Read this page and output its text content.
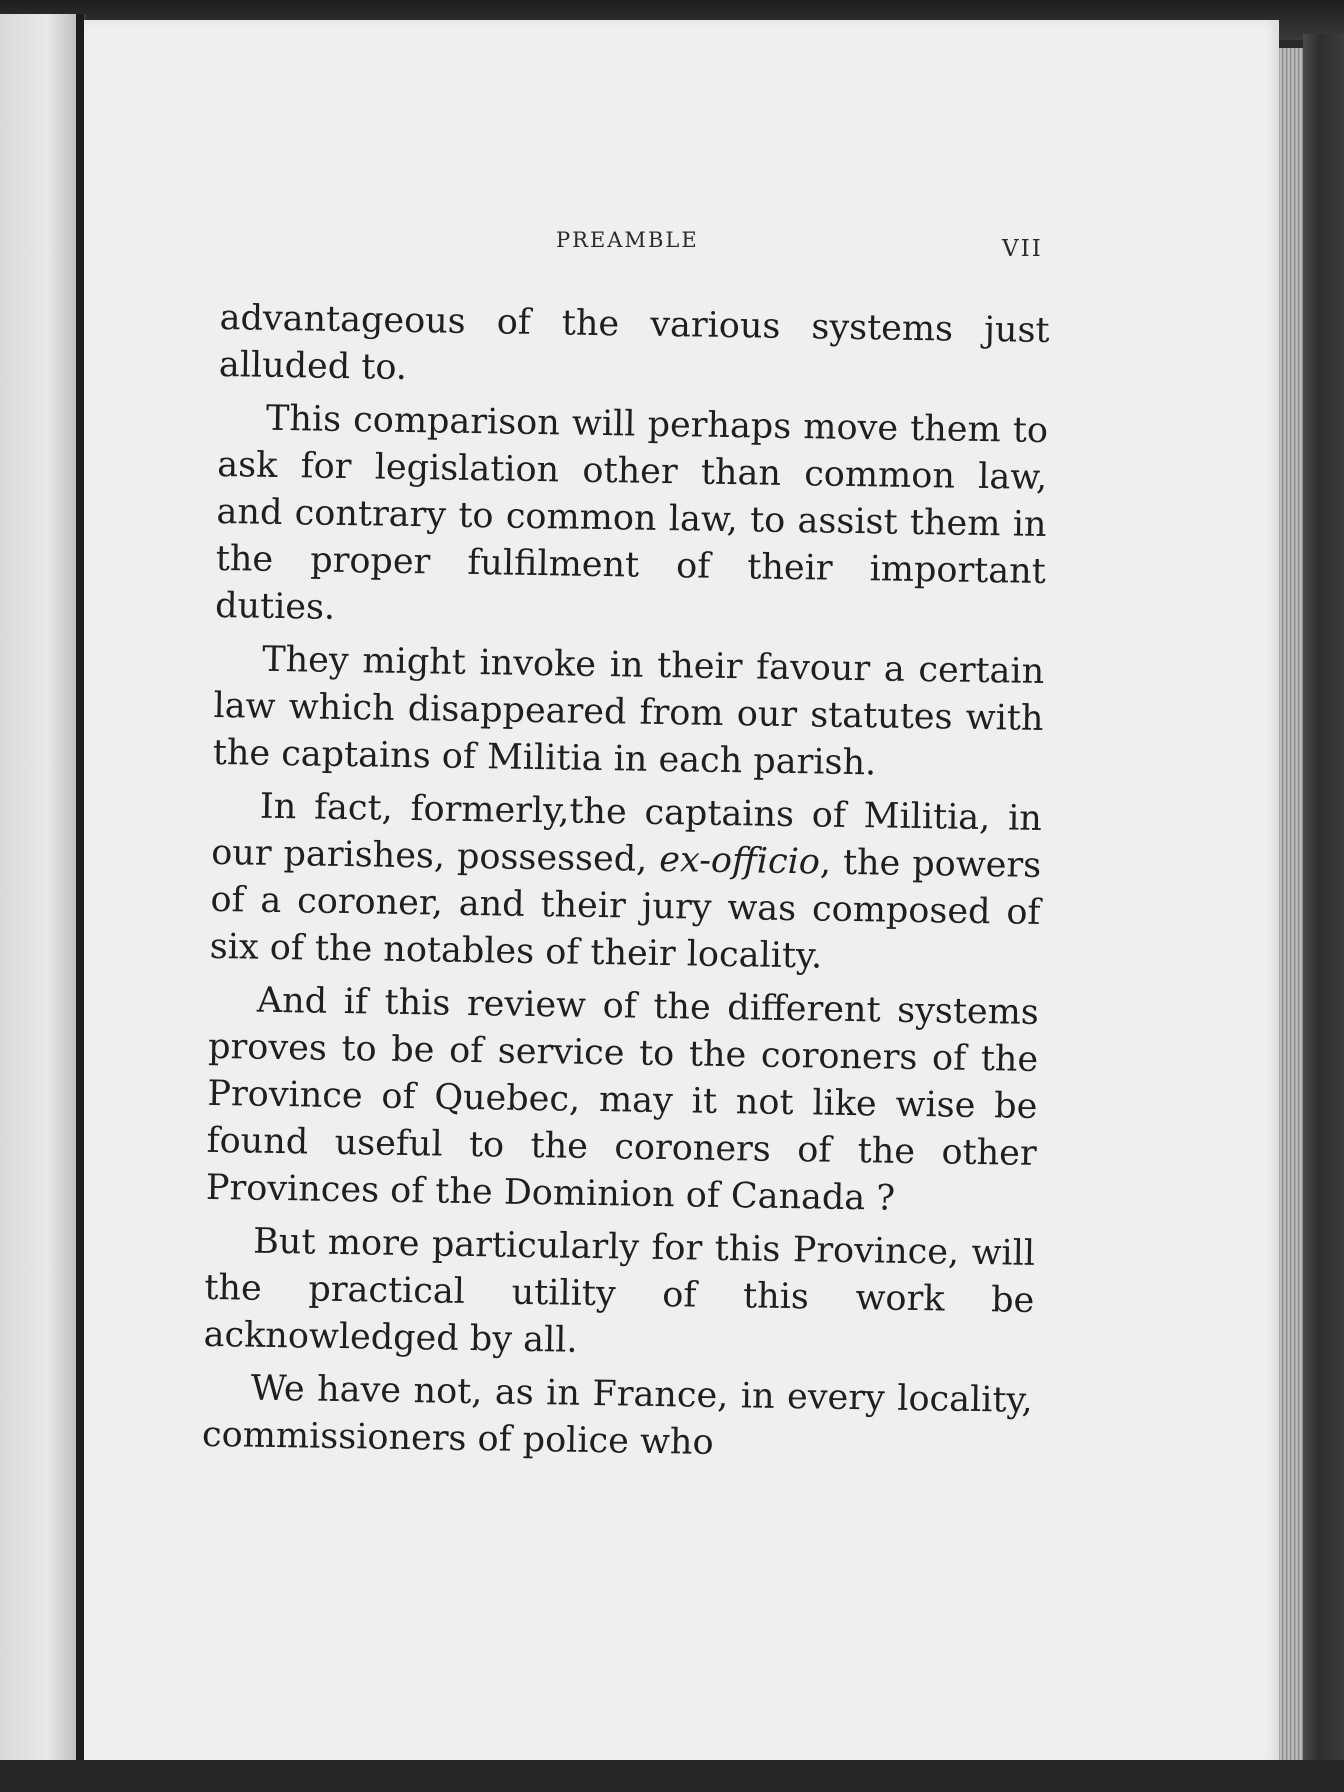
PREAMBLE	VII

advantageous of the various systems just alluded to.

This comparison will perhaps move them to ask for legislation other than common law, and contrary to common law, to assist them in the proper fulfilment of their important duties.

They might invoke in their favour a certain law which disappeared from our statutes with the captains of Militia in each parish.

In fact, formerly,the captains of Militia, in our parishes, possessed, ex-officio, the powers of a coroner, and their jury was composed of six of the notables of their locality.

And if this review of the different systems proves to be of service to the coroners of the Province of Quebec, may it not like wise be found useful to the coroners of the other Provinces of the Dominion of Canada ?

But more particularly for this Province, will the practical utility of this work be acknowledged by all.

We have not, as in France, in every locality, commissioners of police who
